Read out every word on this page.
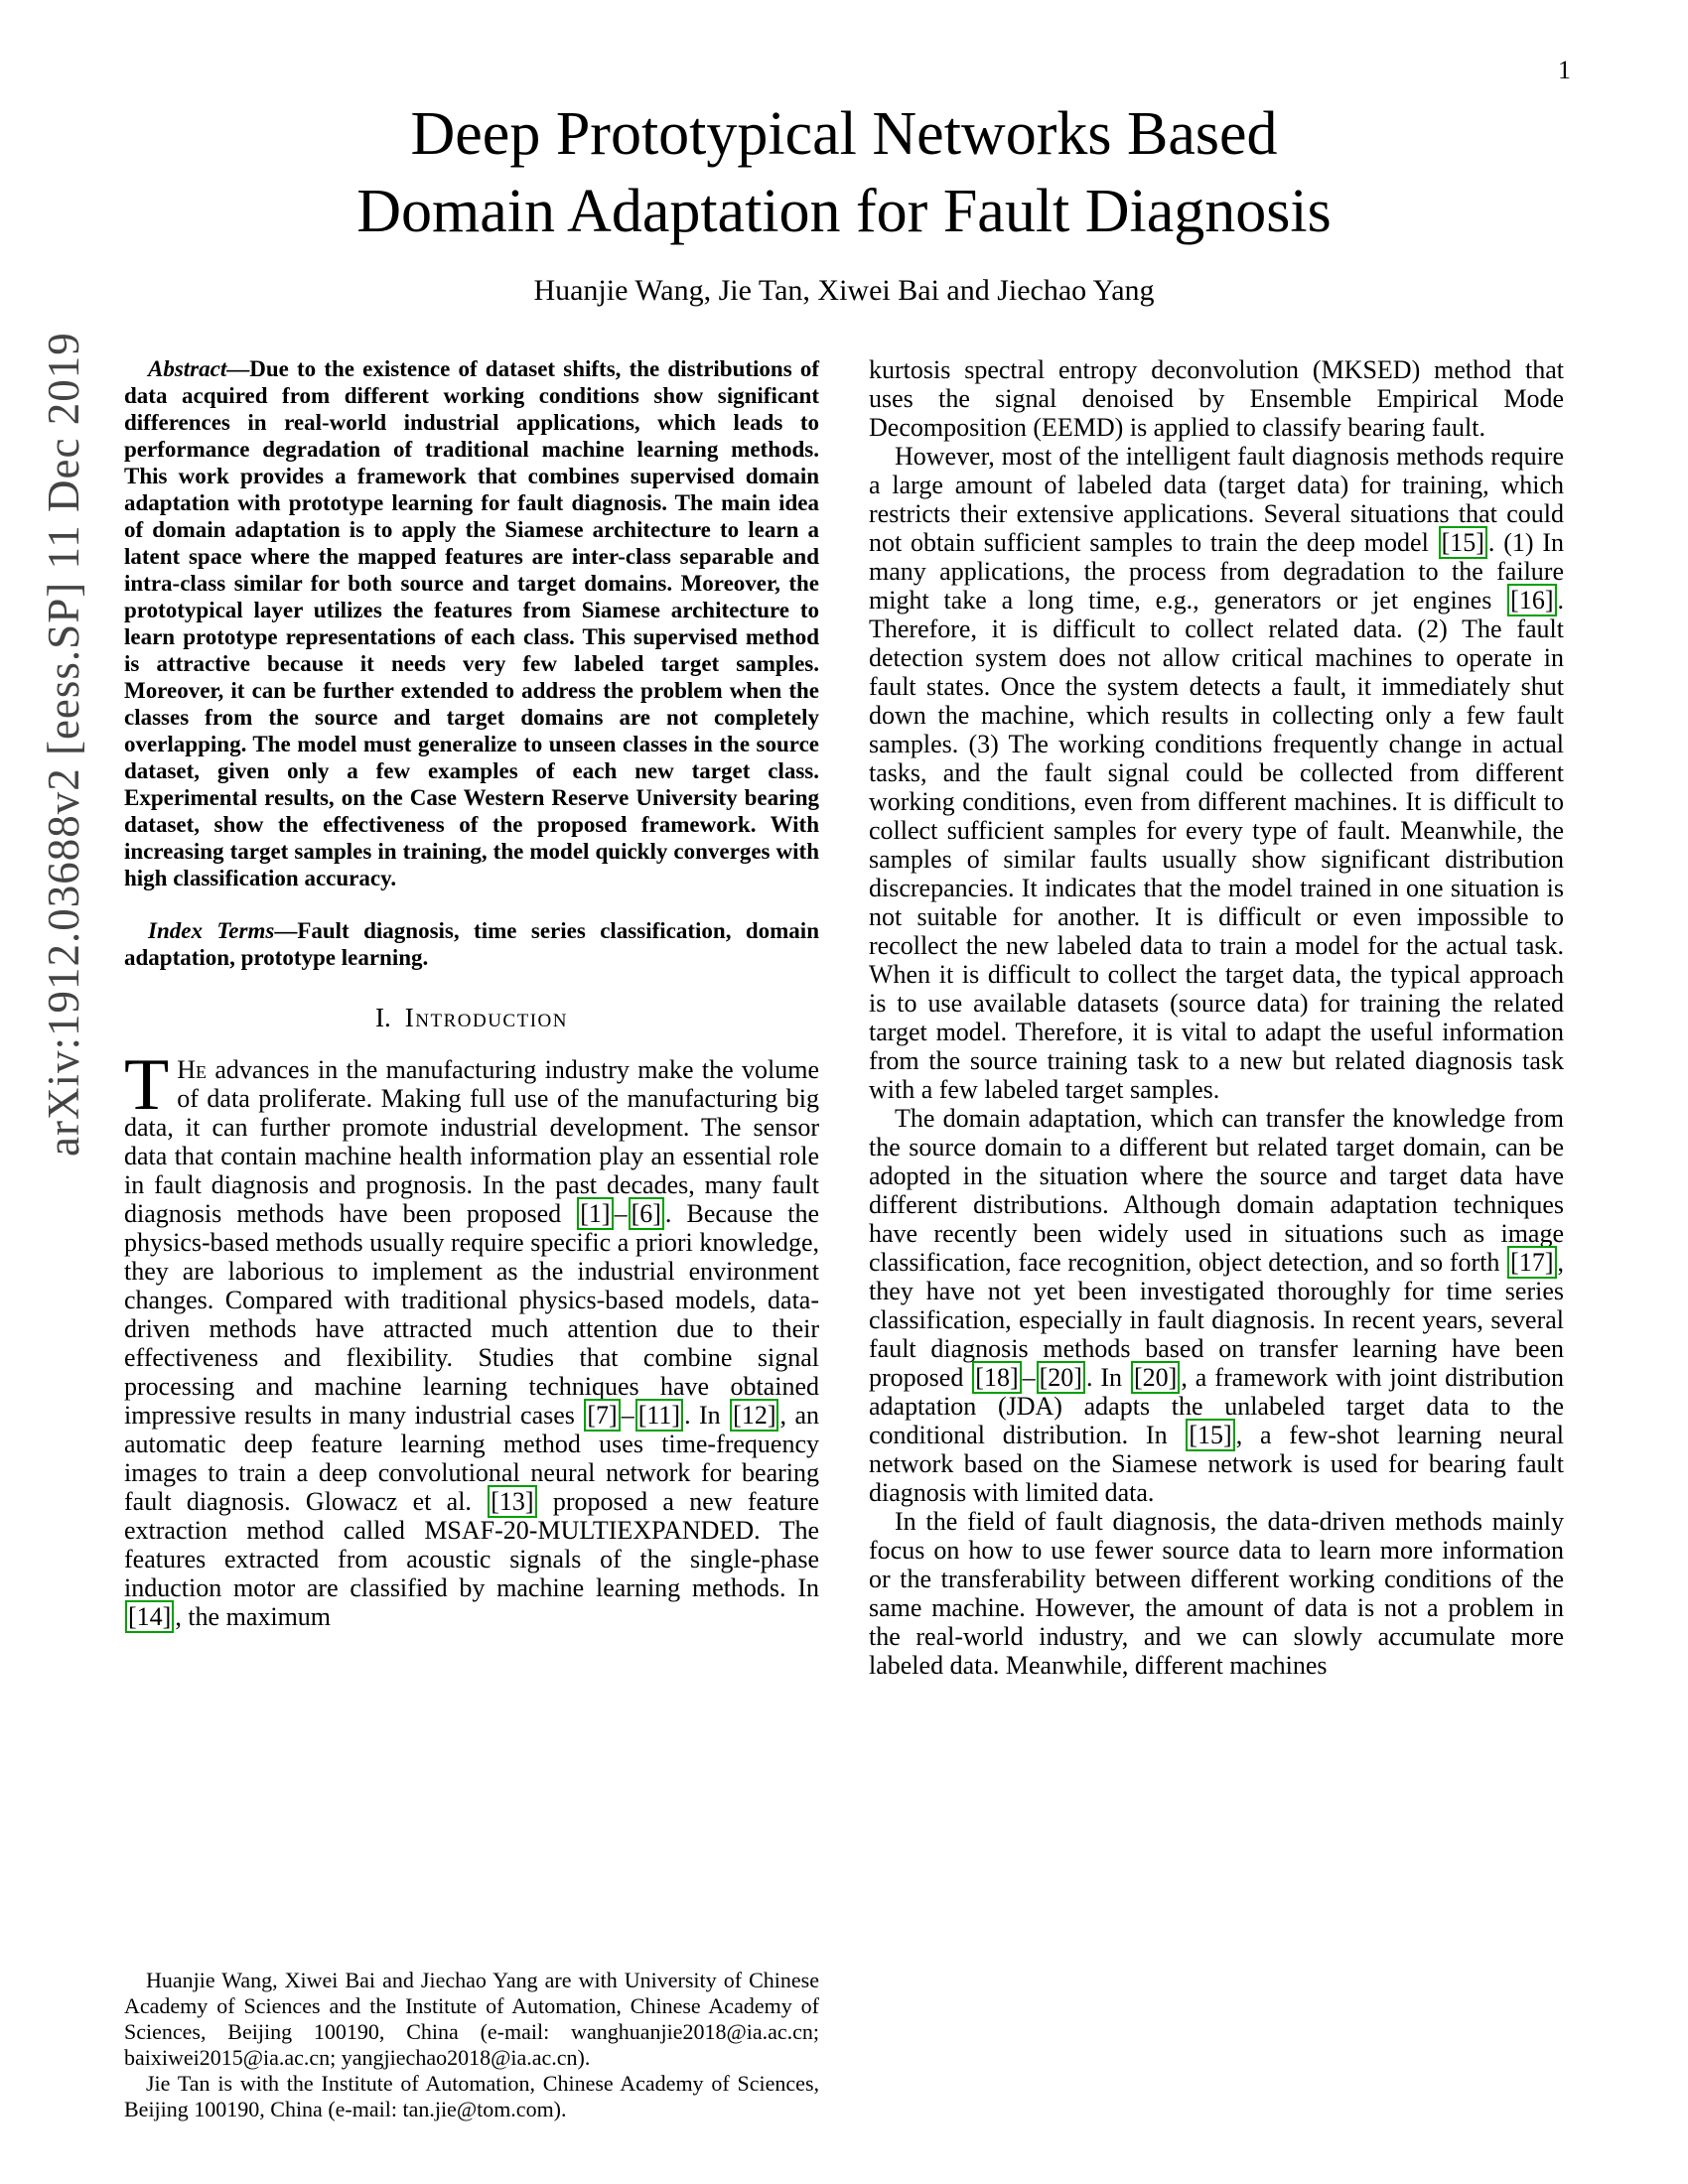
1
arXiv:1912.03688v2 [eess.SP] 11 Dec 2019
Deep Prototypical Networks Based
Domain Adaptation for Fault Diagnosis
Huanjie Wang, Jie Tan, Xiwei Bai and Jiechao Yang

Abstract—Due to the existence of dataset shifts, the distributions of data acquired from different working conditions show significant differences in real-world industrial applications, which leads to performance degradation of traditional machine learning methods. This work provides a framework that combines supervised domain adaptation with prototype learning for fault diagnosis. The main idea of domain adaptation is to apply the Siamese architecture to learn a latent space where the mapped features are inter-class separable and intra-class similar for both source and target domains. Moreover, the prototypical layer utilizes the features from Siamese architecture to learn prototype representations of each class. This supervised method is attractive because it needs very few labeled target samples. Moreover, it can be further extended to address the problem when the classes from the source and target domains are not completely overlapping. The model must generalize to unseen classes in the source dataset, given only a few examples of each new target class. Experimental results, on the Case Western Reserve University bearing dataset, show the effectiveness of the proposed framework. With increasing target samples in training, the model quickly converges with high classification accuracy.

Index Terms—Fault diagnosis, time series classification, domain adaptation, prototype learning.

I. Introduction

T He advances in the manufacturing industry make the volume of data proliferate. Making full use of the manufacturing big data, it can further promote industrial development. The sensor data that contain machine health information play an essential role in fault diagnosis and prognosis. In the past decades, many fault diagnosis methods have been proposed [1] – [6] . Because the physics-based methods usually require specific a priori knowledge, they are laborious to implement as the industrial environment changes. Compared with traditional physics-based models, data-driven methods have attracted much attention due to their effectiveness and flexibility. Studies that combine signal processing and machine learning techniques have obtained impressive results in many industrial cases [7] – [11] . In [12] , an automatic deep feature learning method uses time-frequency images to train a deep convolutional neural network for bearing fault diagnosis. Glowacz et al. [13] proposed a new feature extraction method called MSAF-20-MULTIEXPANDED. The features extracted from acoustic signals of the single-phase induction motor are classified by machine learning methods. In [14] , the maximum

Huanjie Wang, Xiwei Bai and Jiechao Yang are with University of Chinese Academy of Sciences and the Institute of Automation, Chinese Academy of Sciences, Beijing 100190, China (e-mail: wanghuanjie2018@ia.ac.cn; baixiwei2015@ia.ac.cn; yangjiechao2018@ia.ac.cn).

Jie Tan is with the Institute of Automation, Chinese Academy of Sciences, Beijing 100190, China (e-mail: tan.jie@tom.com).

kurtosis spectral entropy deconvolution (MKSED) method that uses the signal denoised by Ensemble Empirical Mode Decomposition (EEMD) is applied to classify bearing fault.

However, most of the intelligent fault diagnosis methods require a large amount of labeled data (target data) for training, which restricts their extensive applications. Several situations that could not obtain sufficient samples to train the deep model [15] . (1) In many applications, the process from degradation to the failure might take a long time, e.g., generators or jet engines [16] . Therefore, it is difficult to collect related data. (2) The fault detection system does not allow critical machines to operate in fault states. Once the system detects a fault, it immediately shut down the machine, which results in collecting only a few fault samples. (3) The working conditions frequently change in actual tasks, and the fault signal could be collected from different working conditions, even from different machines. It is difficult to collect sufficient samples for every type of fault. Meanwhile, the samples of similar faults usually show significant distribution discrepancies. It indicates that the model trained in one situation is not suitable for another. It is difficult or even impossible to recollect the new labeled data to train a model for the actual task. When it is difficult to collect the target data, the typical approach is to use available datasets (source data) for training the related target model. Therefore, it is vital to adapt the useful information from the source training task to a new but related diagnosis task with a few labeled target samples.

The domain adaptation, which can transfer the knowledge from the source domain to a different but related target domain, can be adopted in the situation where the source and target data have different distributions. Although domain adaptation techniques have recently been widely used in situations such as image classification, face recognition, object detection, and so forth [17] , they have not yet been investigated thoroughly for time series classification, especially in fault diagnosis. In recent years, several fault diagnosis methods based on transfer learning have been proposed [18] – [20] . In [20] , a framework with joint distribution adaptation (JDA) adapts the unlabeled target data to the conditional distribution. In [15] , a few-shot learning neural network based on the Siamese network is used for bearing fault diagnosis with limited data.

In the field of fault diagnosis, the data-driven methods mainly focus on how to use fewer source data to learn more information or the transferability between different working conditions of the same machine. However, the amount of data is not a problem in the real-world industry, and we can slowly accumulate more labeled data. Meanwhile, different machines
